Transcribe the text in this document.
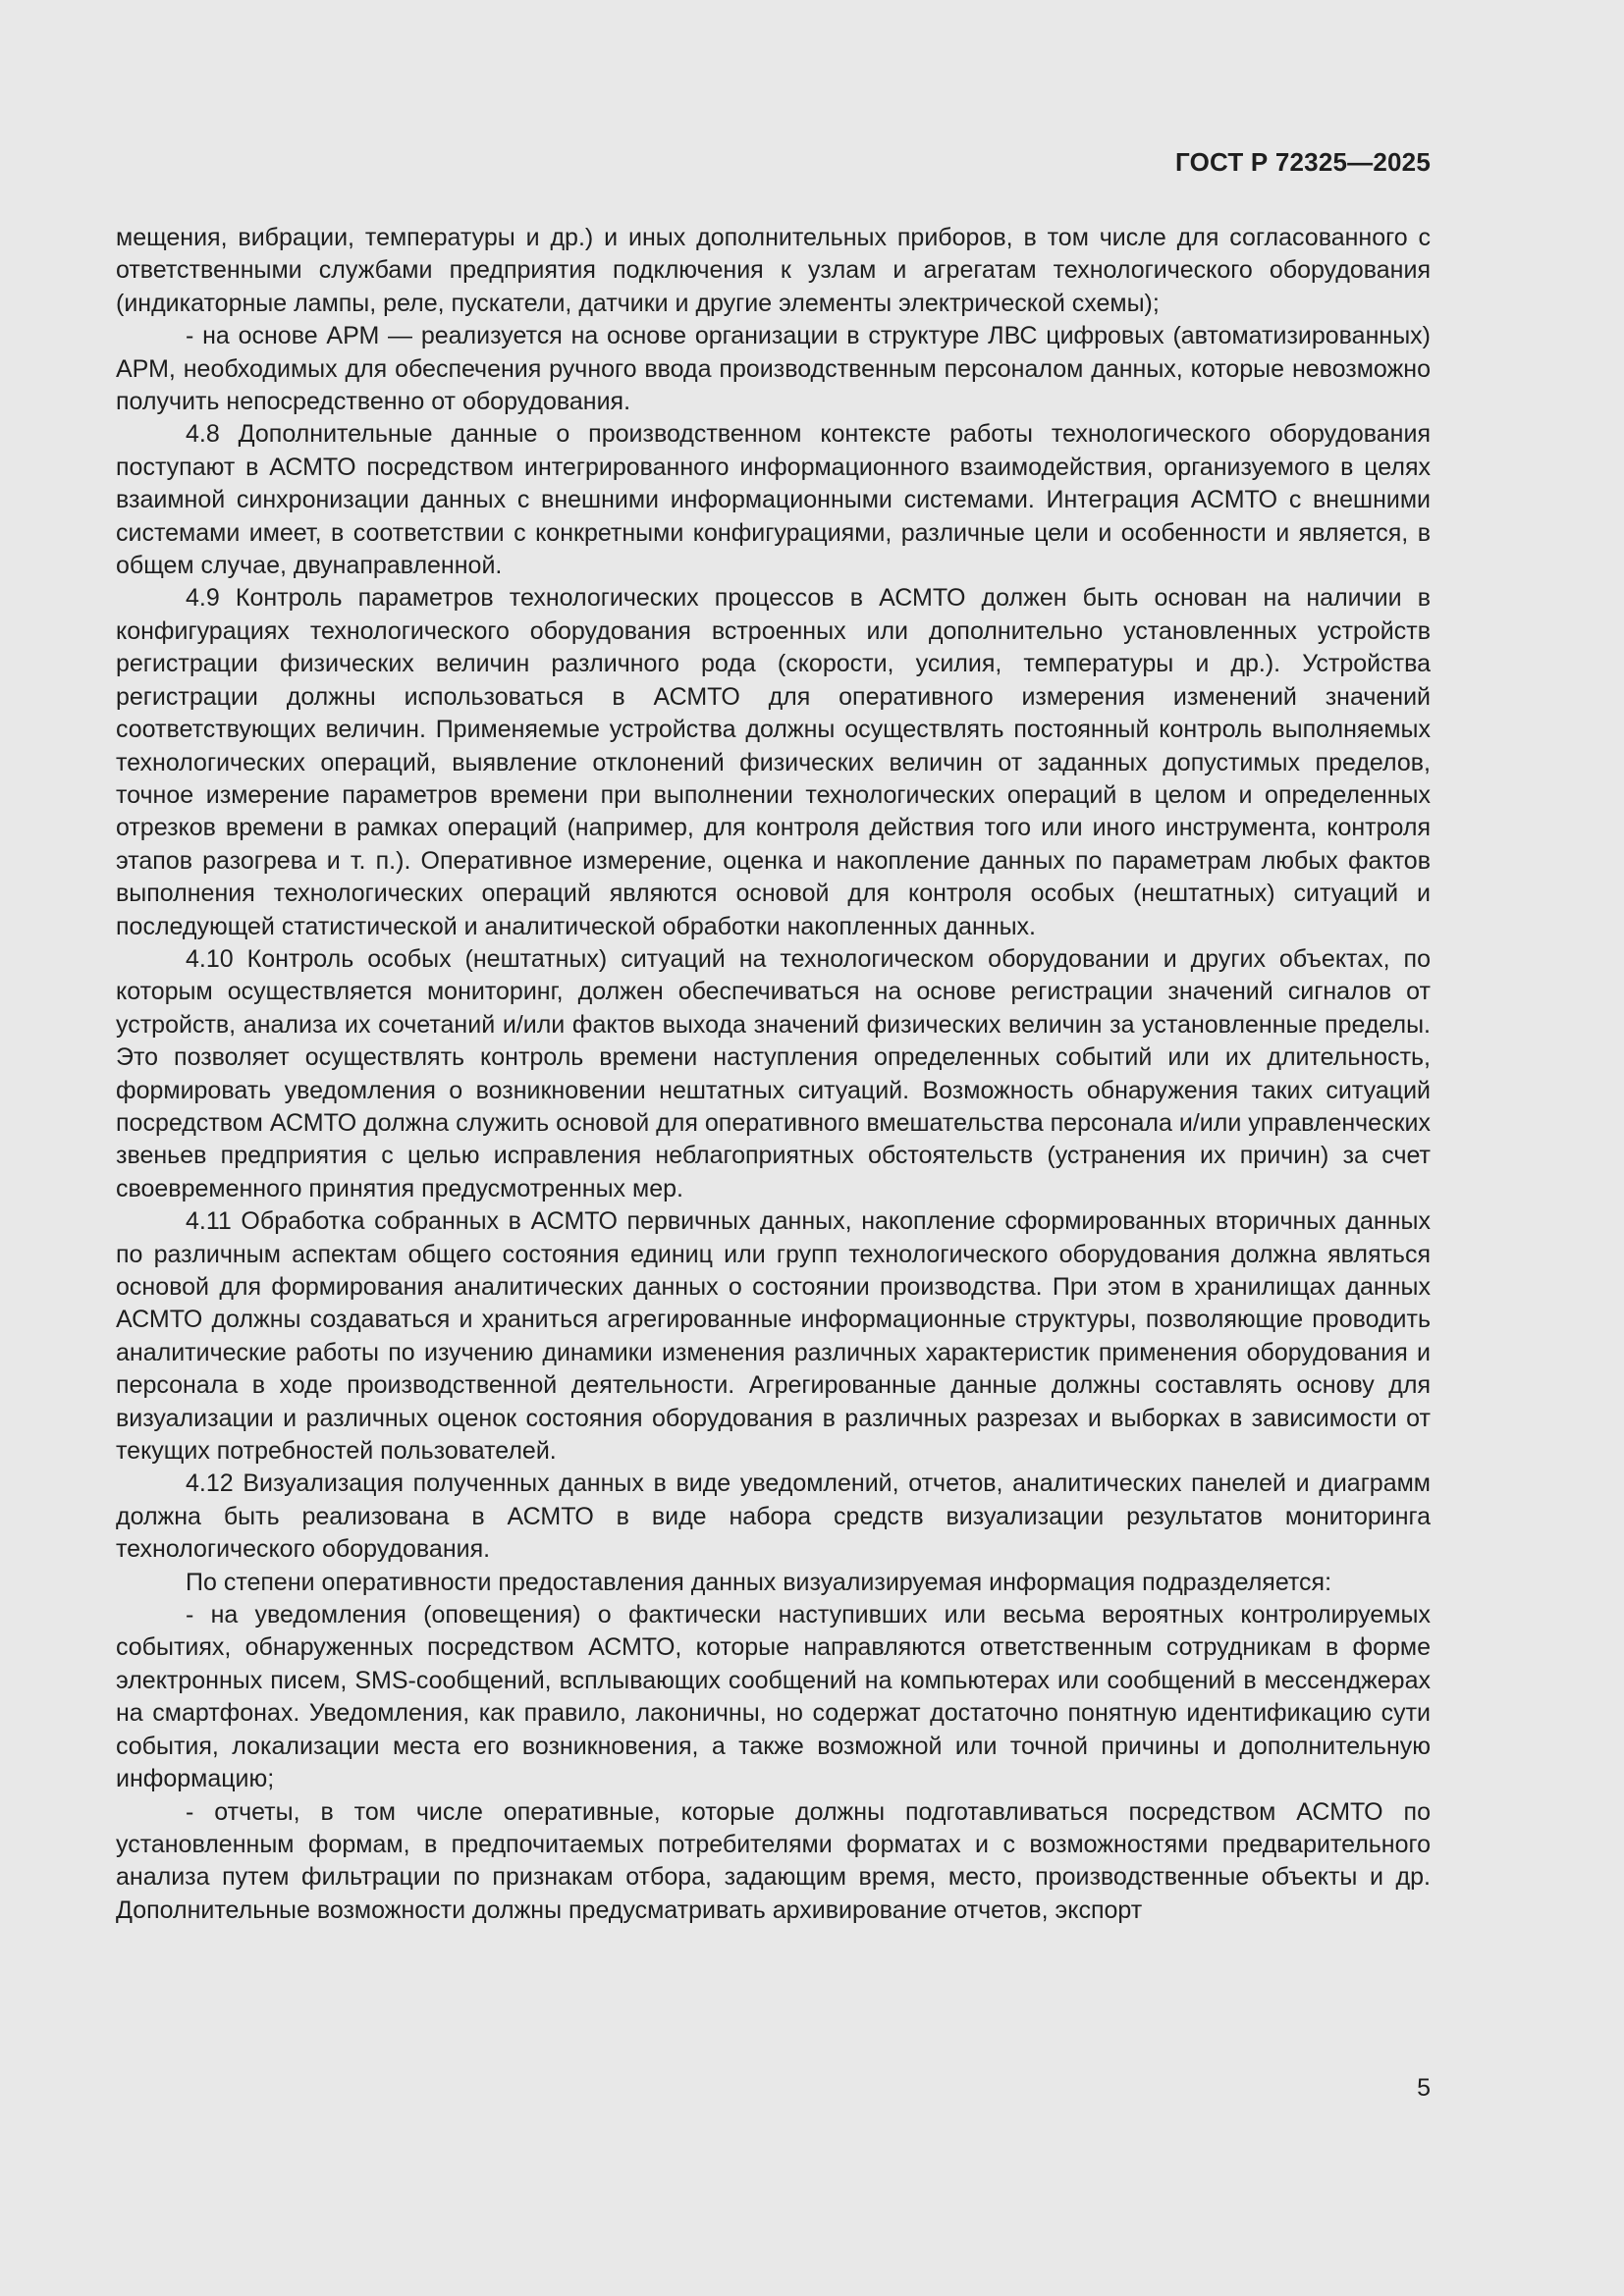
ГОСТ Р 72325—2025

мещения, вибрации, температуры и др.) и иных дополнительных приборов, в том числе для согласованного с ответственными службами предприятия подключения к узлам и агрегатам технологического оборудования (индикаторные лампы, реле, пускатели, датчики и другие элементы электрической схемы);

- на основе АРМ — реализуется на основе организации в структуре ЛВС цифровых (автоматизированных) АРМ, необходимых для обеспечения ручного ввода производственным персоналом данных, которые невозможно получить непосредственно от оборудования.

4.8 Дополнительные данные о производственном контексте работы технологического оборудования поступают в АСМТО посредством интегрированного информационного взаимодействия, организуемого в целях взаимной синхронизации данных с внешними информационными системами. Интеграция АСМТО с внешними системами имеет, в соответствии с конкретными конфигурациями, различные цели и особенности и является, в общем случае, двунаправленной.

4.9 Контроль параметров технологических процессов в АСМТО должен быть основан на наличии в конфигурациях технологического оборудования встроенных или дополнительно установленных устройств регистрации физических величин различного рода (скорости, усилия, температуры и др.). Устройства регистрации должны использоваться в АСМТО для оперативного измерения изменений значений соответствующих величин. Применяемые устройства должны осуществлять постоянный контроль выполняемых технологических операций, выявление отклонений физических величин от заданных допустимых пределов, точное измерение параметров времени при выполнении технологических операций в целом и определенных отрезков времени в рамках операций (например, для контроля действия того или иного инструмента, контроля этапов разогрева и т. п.). Оперативное измерение, оценка и накопление данных по параметрам любых фактов выполнения технологических операций являются основой для контроля особых (нештатных) ситуаций и последующей статистической и аналитической обработки накопленных данных.

4.10 Контроль особых (нештатных) ситуаций на технологическом оборудовании и других объектах, по которым осуществляется мониторинг, должен обеспечиваться на основе регистрации значений сигналов от устройств, анализа их сочетаний и/или фактов выхода значений физических величин за установленные пределы. Это позволяет осуществлять контроль времени наступления определенных событий или их длительность, формировать уведомления о возникновении нештатных ситуаций. Возможность обнаружения таких ситуаций посредством АСМТО должна служить основой для оперативного вмешательства персонала и/или управленческих звеньев предприятия с целью исправления неблагоприятных обстоятельств (устранения их причин) за счет своевременного принятия предусмотренных мер.

4.11 Обработка собранных в АСМТО первичных данных, накопление сформированных вторичных данных по различным аспектам общего состояния единиц или групп технологического оборудования должна являться основой для формирования аналитических данных о состоянии производства. При этом в хранилищах данных АСМТО должны создаваться и храниться агрегированные информационные структуры, позволяющие проводить аналитические работы по изучению динамики изменения различных характеристик применения оборудования и персонала в ходе производственной деятельности. Агрегированные данные должны составлять основу для визуализации и различных оценок состояния оборудования в различных разрезах и выборках в зависимости от текущих потребностей пользователей.

4.12 Визуализация полученных данных в виде уведомлений, отчетов, аналитических панелей и диаграмм должна быть реализована в АСМТО в виде набора средств визуализации результатов мониторинга технологического оборудования.

По степени оперативности предоставления данных визуализируемая информация подразделяется:

- на уведомления (оповещения) о фактически наступивших или весьма вероятных контролируемых событиях, обнаруженных посредством АСМТО, которые направляются ответственным сотрудникам в форме электронных писем, SMS-сообщений, всплывающих сообщений на компьютерах или сообщений в мессенджерах на смартфонах. Уведомления, как правило, лаконичны, но содержат достаточно понятную идентификацию сути события, локализации места его возникновения, а также возможной или точной причины и дополнительную информацию;

- отчеты, в том числе оперативные, которые должны подготавливаться посредством АСМТО по установленным формам, в предпочитаемых потребителями форматах и с возможностями предварительного анализа путем фильтрации по признакам отбора, задающим время, место, производственные объекты и др. Дополнительные возможности должны предусматривать архивирование отчетов, экспорт

5
